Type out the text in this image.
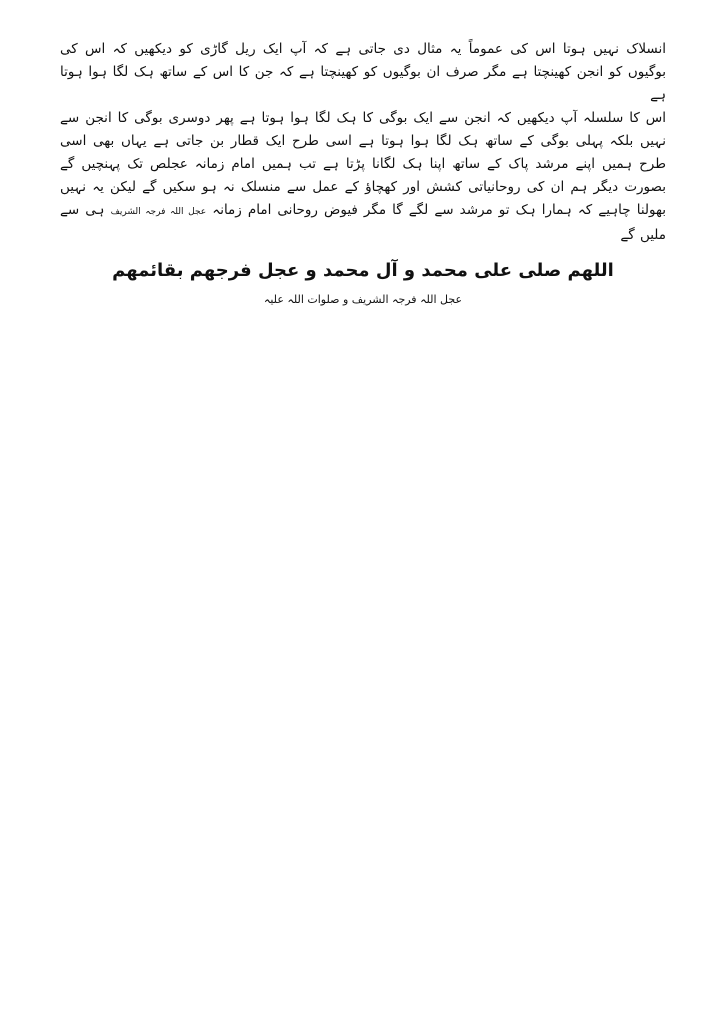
انسلاک نہیں ہوتا اس کی عموماً یہ مثال دی جاتی ہے کہ آپ ایک ریل گاڑی کو دیکھیں کہ اس کی بوگیوں کو انجن کھینچتا ہے مگر صرف ان بوگیوں کو کھینچتا ہے کہ جن کا اس کے ساتھ ہک لگا ہوا ہوتا ہے

اس کا سلسلہ آپ دیکھیں کہ انجن سے ایک بوگی کا ہک لگا ہوا ہوتا ہے پھر دوسری بوگی کا انجن سے نہیں بلکہ پہلی بوگی کے ساتھ ہک لگا ہوا ہوتا ہے اسی طرح ایک قطار بن جاتی ہے یہاں بھی اسی طرح ہمیں اپنے مرشد پاک کے ساتھ اپنا ہک لگانا پڑتا ہے تب ہمیں امام زمانہ عجلص تک پہنچیں گے بصورت دیگر ہم ان کی روحانیاتی کشش اور کھچاؤ کے عمل سے منسلک نہ ہو سکیں گے لیکن یہ نہیں بھولنا چاہیے کہ ہمارا ہک تو مرشد سے لگے گا مگر فیوض روحانی امام زمانہ عجل اللہ فرجہ الشریف ہی سے ملیں گے

اللھم صلی علی محمد و آل محمد و عجل فرجھم بقائمھم
عجل اللہ فرجہ الشریف و صلوات اللہ علیہ
